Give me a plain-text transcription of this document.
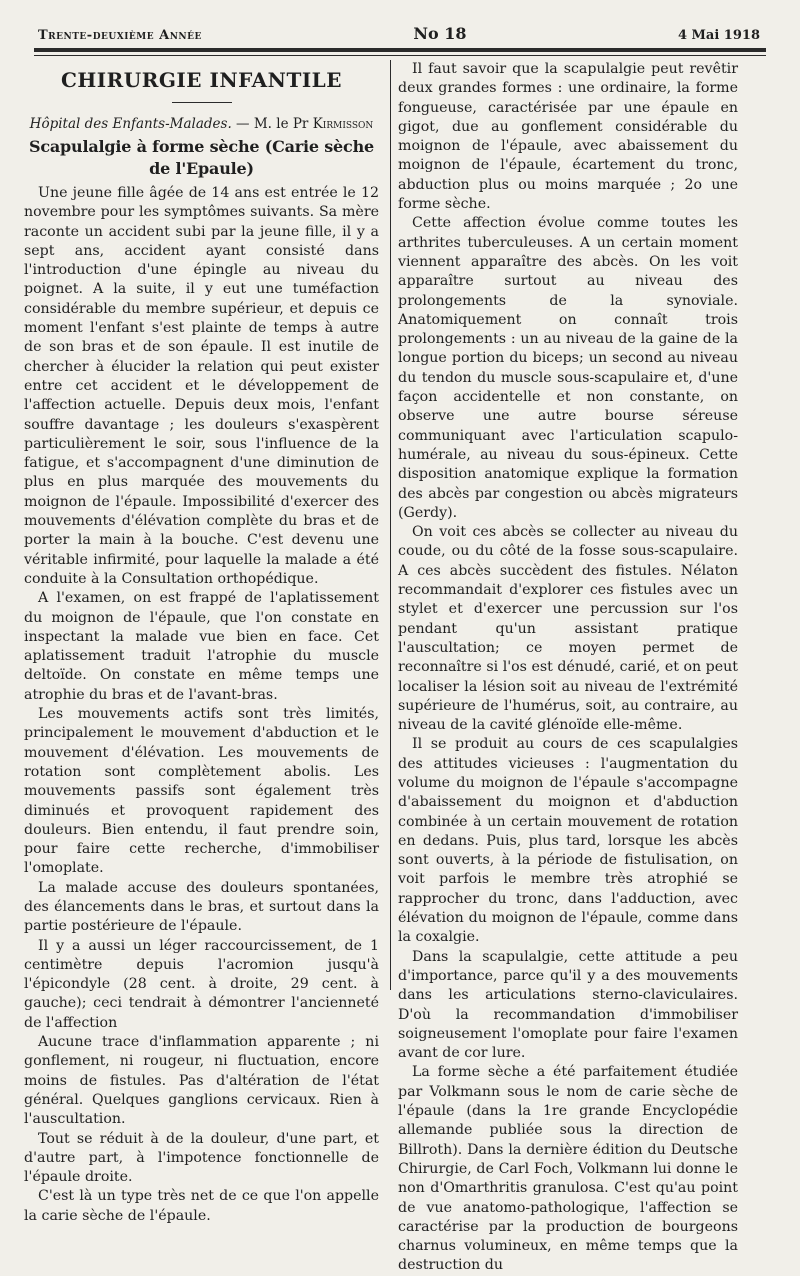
Trente-deuxième Année	No 18	4 Mai 1918
CHIRURGIE INFANTILE
Hôpital des Enfants-Malades. — M. le Pr Kirmisson
Scapulalgie à forme sèche (Carie sèche de l'Epaule)

Une jeune fille âgée de 14 ans est entrée le 12 novembre pour les symptômes suivants. Sa mère raconte un accident subi par la jeune fille, il y a sept ans, accident ayant consisté dans l'introduction d'une épingle au niveau du poignet. A la suite, il y eut une tuméfaction considérable du membre supérieur, et depuis ce moment l'enfant s'est plainte de temps à autre de son bras et de son épaule. Il est inutile de chercher à élucider la relation qui peut exister entre cet accident et le développement de l'affection actuelle. Depuis deux mois, l'enfant souffre davantage ; les douleurs s'exaspèrent particulièrement le soir, sous l'influence de la fatigue, et s'accompagnent d'une diminution de plus en plus marquée des mouvements du moignon de l'épaule. Impossibilité d'exercer des mouvements d'élévation complète du bras et de porter la main à la bouche. C'est devenu une véritable infirmité, pour laquelle la malade a été conduite à la Consultation orthopédique.

A l'examen, on est frappé de l'aplatissement du moignon de l'épaule, que l'on constate en inspectant la malade vue bien en face. Cet aplatissement traduit l'atrophie du muscle deltoïde. On constate en même temps une atrophie du bras et de l'avant-bras.

Les mouvements actifs sont très limités, principalement le mouvement d'abduction et le mouvement d'élévation. Les mouvements de rotation sont complètement abolis. Les mouvements passifs sont également très diminués et provoquent rapidement des douleurs. Bien entendu, il faut prendre soin, pour faire cette recherche, d'immobiliser l'omoplate.

La malade accuse des douleurs spontanées, des élancements dans le bras, et surtout dans la partie postérieure de l'épaule.

Il y a aussi un léger raccourcissement, de 1 centimètre depuis l'acromion jusqu'à l'épicondyle (28 cent. à droite, 29 cent. à gauche); ceci tendrait à démontrer l'ancienneté de l'affection

Aucune trace d'inflammation apparente ; ni gonflement, ni rougeur, ni fluctuation, encore moins de fistules. Pas d'altération de l'état général. Quelques ganglions cervicaux. Rien à l'auscultation.

Tout se réduit à de la douleur, d'une part, et d'autre part, à l'impotence fonctionnelle de l'épaule droite.

C'est là un type très net de ce que l'on appelle la carie sèche de l'épaule.

Il faut savoir que la scapulalgie peut revêtir deux grandes formes : une ordinaire, la forme fongueuse, caractérisée par une épaule en gigot, due au gonflement considérable du moignon de l'épaule, avec abaissement du moignon de l'épaule, écartement du tronc, abduction plus ou moins marquée ; 2o une forme sèche.

Cette affection évolue comme toutes les arthrites tuberculeuses. A un certain moment viennent apparaître des abcès. On les voit apparaître surtout au niveau des prolongements de la synoviale. Anatomiquement on connaît trois prolongements : un au niveau de la gaine de la longue portion du biceps; un second au niveau du tendon du muscle sous-scapulaire et, d'une façon accidentelle et non constante, on observe une autre bourse séreuse communiquant avec l'articulation scapulo-humérale, au niveau du sous-épineux. Cette disposition anatomique explique la formation des abcès par congestion ou abcès migrateurs (Gerdy).

On voit ces abcès se collecter au niveau du coude, ou du côté de la fosse sous-scapulaire. A ces abcès succèdent des fistules. Nélaton recommandait d'explorer ces fistules avec un stylet et d'exercer une percussion sur l'os pendant qu'un assistant pratique l'auscultation; ce moyen permet de reconnaître si l'os est dénudé, carié, et on peut localiser la lésion soit au niveau de l'extrémité supérieure de l'humérus, soit, au contraire, au niveau de la cavité glénoïde elle-même.

Il se produit au cours de ces scapulalgies des attitudes vicieuses : l'augmentation du volume du moignon de l'épaule s'accompagne d'abaissement du moignon et d'abduction combinée à un certain mouvement de rotation en dedans. Puis, plus tard, lorsque les abcès sont ouverts, à la période de fistulisation, on voit parfois le membre très atrophié se rapprocher du tronc, dans l'adduction, avec élévation du moignon de l'épaule, comme dans la coxalgie.

Dans la scapulalgie, cette attitude a peu d'importance, parce qu'il y a des mouvements dans les articulations sterno-claviculaires. D'où la recommandation d'immobiliser soigneusement l'omoplate pour faire l'examen avant de cor lure.

La forme sèche a été parfaitement étudiée par Volkmann sous le nom de carie sèche de l'épaule (dans la 1re grande Encyclopédie allemande publiée sous la direction de Billroth). Dans la dernière édition du Deutsche Chirurgie, de Carl Foch, Volkmann lui donne le non d'Omarthritis granulosa. C'est qu'au point de vue anatomo-pathologique, l'affection se caractérise par la production de bourgeons charnus volumineux, en même temps que la destruction du
